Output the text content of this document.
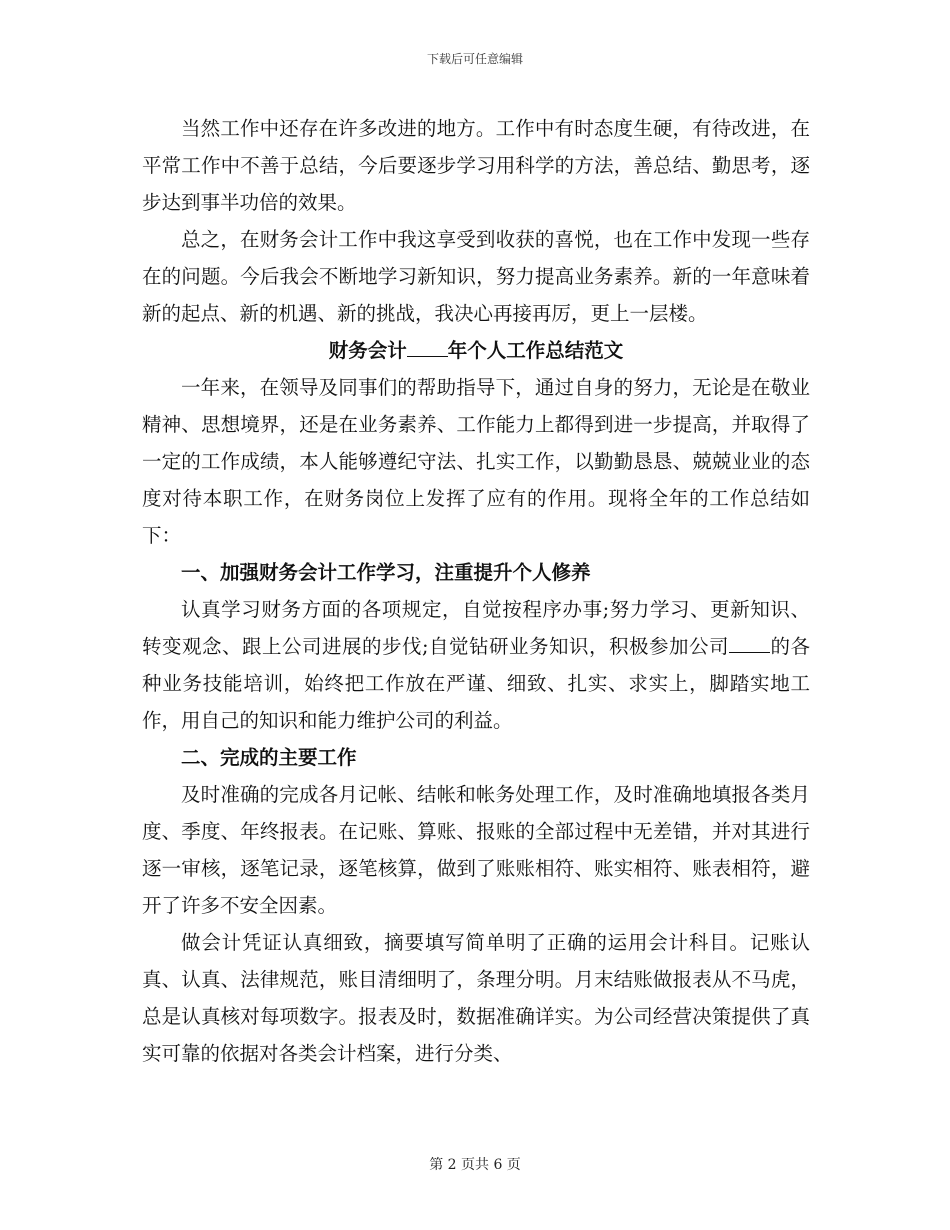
下载后可任意编辑

当然工作中还存在许多改进的地方。工作中有时态度生硬，有待改进，在平常工作中不善于总结，今后要逐步学习用科学的方法，善总结、勤思考，逐步达到事半功倍的效果。

总之，在财务会计工作中我这享受到收获的喜悦，也在工作中发现一些存在的问题。今后我会不断地学习新知识，努力提高业务素养。新的一年意味着新的起点、新的机遇、新的挑战，我决心再接再厉，更上一层楼。

财务会计 年个人工作总结范文

一年来，在领导及同事们的帮助指导下，通过自身的努力，无论是在敬业精神、思想境界，还是在业务素养、工作能力上都得到进一步提高，并取得了一定的工作成绩，本人能够遵纪守法、扎实工作，以勤勤恳恳、兢兢业业的态度对待本职工作，在财务岗位上发挥了应有的作用。现将全年的工作总结如下：

一、加强财务会计工作学习，注重提升个人修养

认真学习财务方面的各项规定，自觉按程序办事;努力学习、更新知识、转变观念、跟上公司进展的步伐;自觉钻研业务知识，积极参加公司 的各种业务技能培训，始终把工作放在严谨、细致、扎实、求实上，脚踏实地工作，用自己的知识和能力维护公司的利益。

二、完成的主要工作

及时准确的完成各月记帐、结帐和帐务处理工作，及时准确地填报各类月度、季度、年终报表。在记账、算账、报账的全部过程中无差错，并对其进行逐一审核，逐笔记录，逐笔核算，做到了账账相符、账实相符、账表相符，避开了许多不安全因素。

做会计凭证认真细致，摘要填写简单明了正确的运用会计科目。记账认真、认真、法律规范，账目清细明了，条理分明。月末结账做报表从不马虎，总是认真核对每项数字。报表及时，数据准确详实。为公司经营决策提供了真实可靠的依据对各类会计档案，进行分类、

第 2 页共 6 页
